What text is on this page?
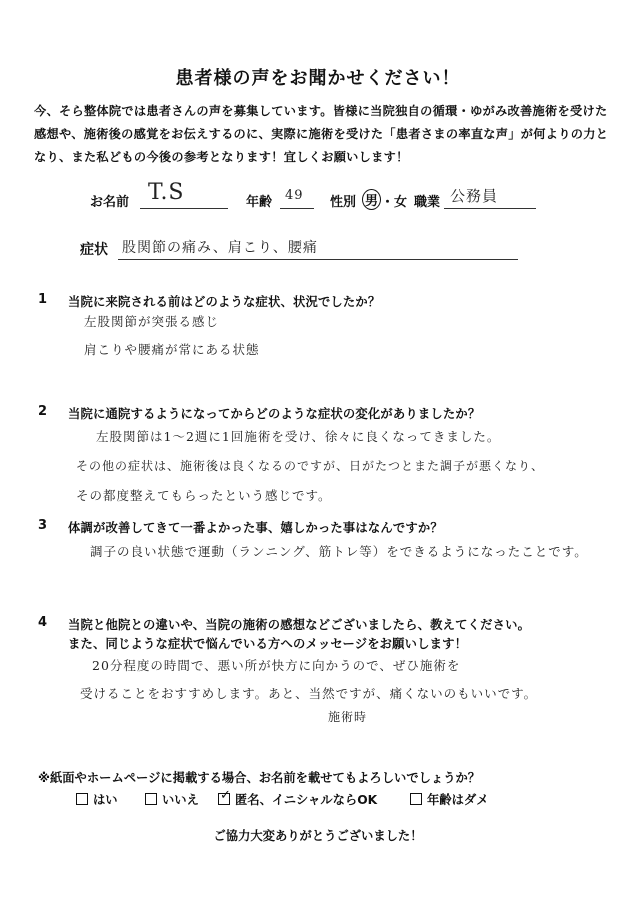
患者様の声をお聞かせください！
今、そら整体院では患者さんの声を募集しています。皆様に当院独自の循環・ゆがみ改善施術を受けた感想や、施術後の感覚をお伝えするのに、実際に施術を受けた「患者さまの率直な声」が何よりの力となり、また私どもの今後の参考となります！宜しくお願いします！
お名前 T.S	年齢 49 性別 男 ・ 女 職業 公務員
症状 股関節の痛み、肩こり、腰痛
1 当院に来院される前はどのような症状、状況でしたか？
左股関節が突張る感じ
肩こりや腰痛が常にある状態
2 当院に通院するようになってからどのような症状の変化がありましたか？
左股関節は1～2週に1回施術を受け、徐々に良くなってきました。
その他の症状は、施術後は良くなるのですが、日がたつとまた調子が悪くなり、
その都度整えてもらったという感じです。
3 体調が改善してきて一番よかった事、嬉しかった事はなんですか？
調子の良い状態で運動（ランニング、筋トレ等）をできるようになったことです。
4 当院と他院との違いや、当院の施術の感想などございましたら、教えてください。
また、同じような症状で悩んでいる方へのメッセージをお願いします！
20分程度の時間で、悪い所が快方に向かうので、ぜひ施術を
受けることをおすすめします。あと、当然ですが、痛くないのもいいです。
施術時
※紙面やホームページに掲載する場合、お名前を載せてもよろしいでしょうか？
はい	いいえ ✓ 匿名、イニシャルならOK	年齢はダメ
ご協力大変ありがとうございました！
